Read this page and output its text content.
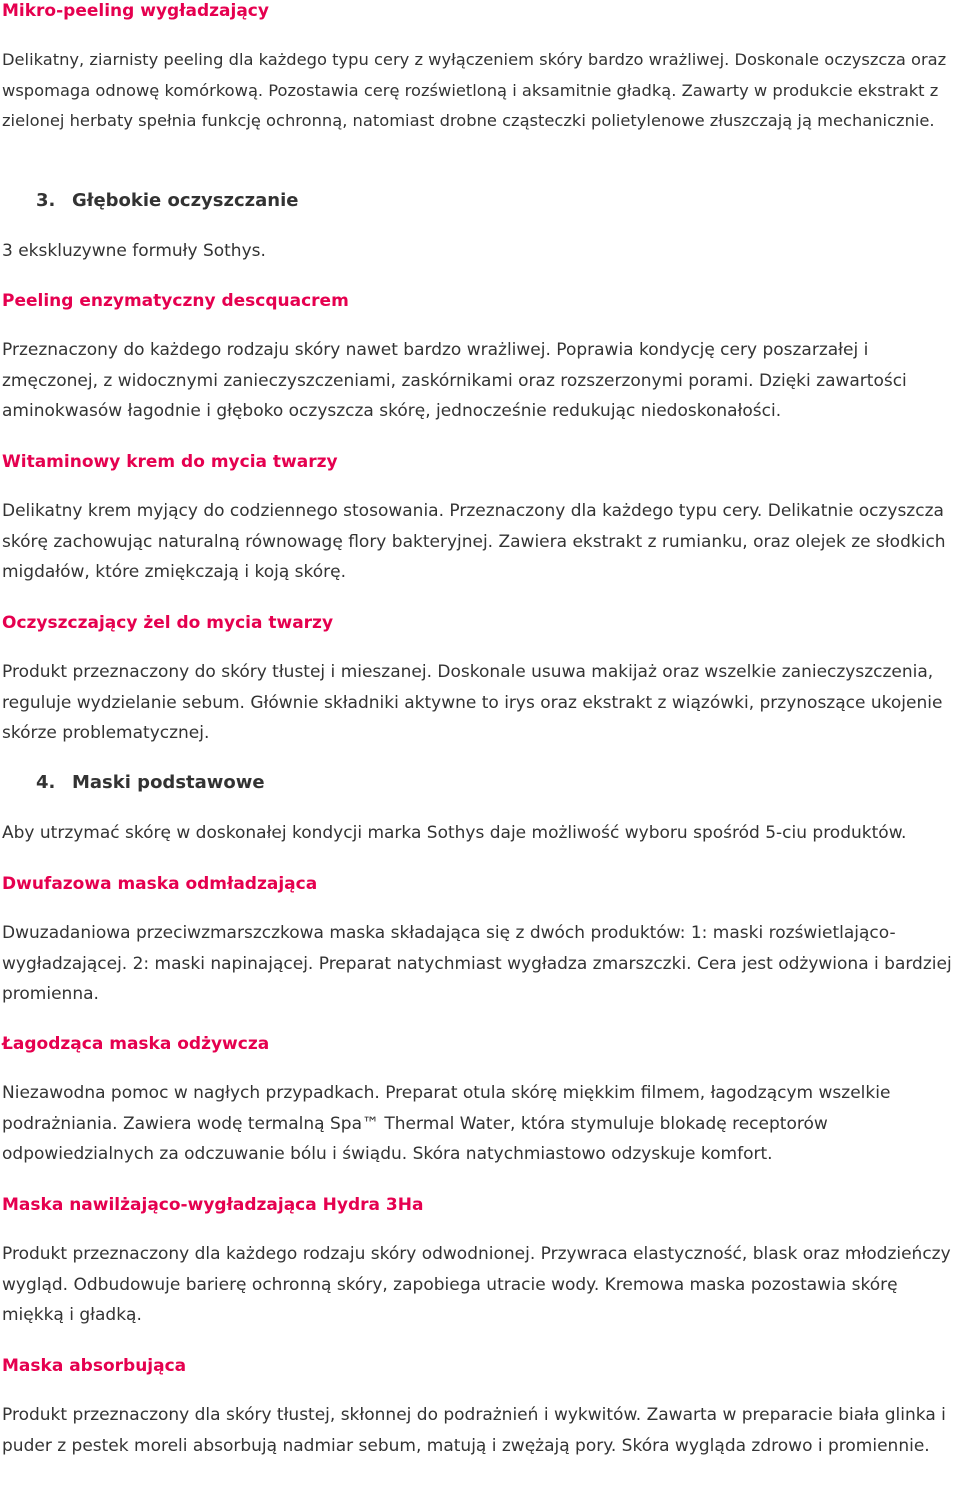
Mikro-peeling wygładzający

Delikatny, ziarnisty peeling dla każdego typu cery z wyłączeniem skóry bardzo wrażliwej. Doskonale oczyszcza oraz wspomaga odnowę komórkową. Pozostawia cerę rozświetloną i aksamitnie gładką. Zawarty w produkcie ekstrakt z zielonej herbaty spełnia funkcję ochronną, natomiast drobne cząsteczki polietylenowe złuszczają ją mechanicznie.

3. Głębokie oczyszczanie

3 ekskluzywne formuły Sothys.

Peeling enzymatyczny descquacrem

Przeznaczony do każdego rodzaju skóry nawet bardzo wrażliwej. Poprawia kondycję cery poszarzałej i zmęczonej, z widocznymi zanieczyszczeniami, zaskórnikami oraz rozszerzonymi porami. Dzięki zawartości aminokwasów łagodnie i głęboko oczyszcza skórę, jednocześnie redukując niedoskonałości.

Witaminowy krem do mycia twarzy

Delikatny krem myjący do codziennego stosowania. Przeznaczony dla każdego typu cery. Delikatnie oczyszcza skórę zachowując naturalną równowagę flory bakteryjnej. Zawiera ekstrakt z rumianku, oraz olejek ze słodkich migdałów, które zmiękczają i koją skórę.

Oczyszczający żel do mycia twarzy

Produkt przeznaczony do skóry tłustej i mieszanej. Doskonale usuwa makijaż oraz wszelkie zanieczyszczenia, reguluje wydzielanie sebum. Głównie składniki aktywne to irys oraz ekstrakt z wiązówki, przynoszące ukojenie skórze problematycznej.

4. Maski podstawowe

Aby utrzymać skórę w doskonałej kondycji marka Sothys daje możliwość wyboru spośród 5-ciu produktów.

Dwufazowa maska odmładzająca

Dwuzadaniowa przeciwzmarszczkowa maska składająca się z dwóch produktów: 1: maski rozświetlająco-wygładzającej. 2: maski napinającej. Preparat natychmiast wygładza zmarszczki. Cera jest odżywiona i bardziej promienna.

Łagodząca maska odżywcza

Niezawodna pomoc w nagłych przypadkach. Preparat otula skórę miękkim filmem, łagodzącym wszelkie podrażniania. Zawiera wodę termalną Spa™ Thermal Water, która stymuluje blokadę receptorów odpowiedzialnych za odczuwanie bólu i świądu. Skóra natychmiastowo odzyskuje komfort.

Maska nawilżająco-wygładzająca Hydra 3Ha

Produkt przeznaczony dla każdego rodzaju skóry odwodnionej. Przywraca elastyczność, blask oraz młodzieńczy wygląd. Odbudowuje barierę ochronną skóry, zapobiega utracie wody. Kremowa maska pozostawia skórę miękką i gładką.

Maska absorbująca

Produkt przeznaczony dla skóry tłustej, skłonnej do podrażnień i wykwitów. Zawarta w preparacie biała glinka i puder z pestek moreli absorbują nadmiar sebum, matują i zwężają pory. Skóra wygląda zdrowo i promiennie.
